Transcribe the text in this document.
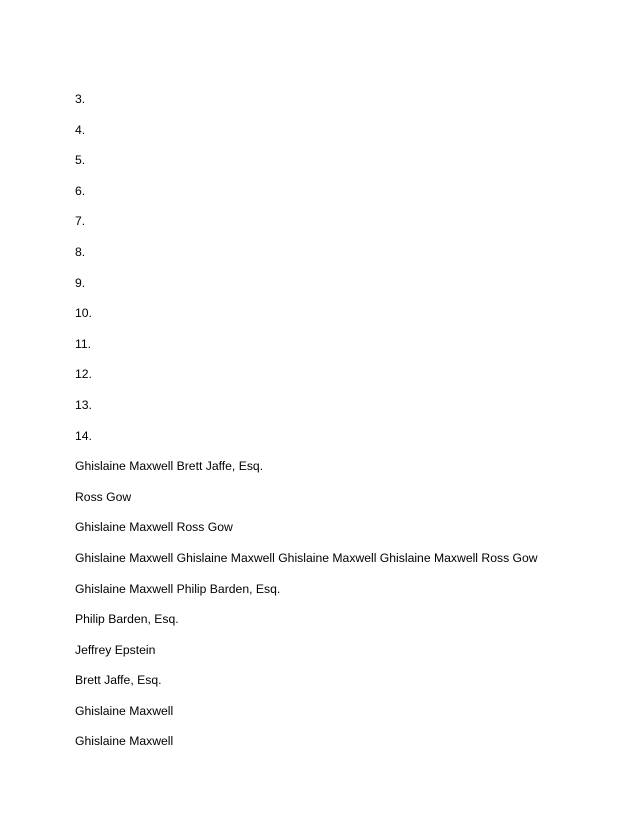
3.
4.
5.
6.
7.
8.
9.
10.
11.
12.
13.
14.
Ghislaine Maxwell Brett Jaffe, Esq.
Ross Gow
Ghislaine Maxwell Ross Gow
Ghislaine Maxwell Ghislaine Maxwell Ghislaine Maxwell Ghislaine Maxwell Ross Gow
Ghislaine Maxwell Philip Barden, Esq.
Philip Barden, Esq.
Jeffrey Epstein
Brett Jaffe, Esq.
Ghislaine Maxwell
Ghislaine Maxwell
